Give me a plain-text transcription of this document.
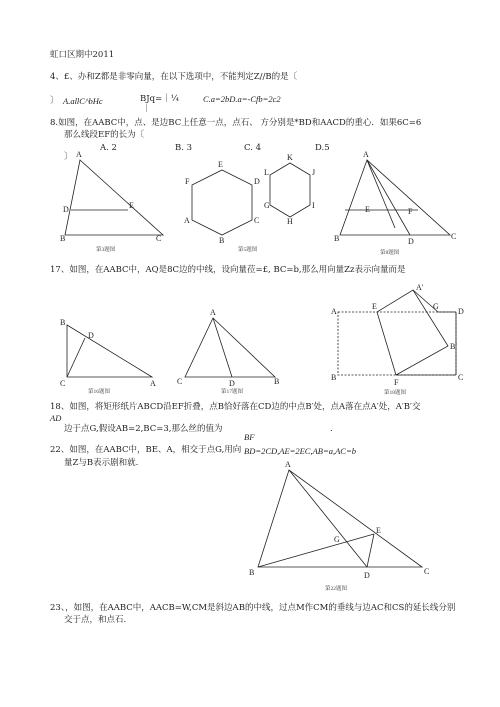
虹口区期中2011
4、£、办和Z都是非零向量，在以下选项中，不能判定Z//B的是〔
〕 A.allC^bHc	BJq=｜¼
｜
C.a=2bD.a=-Cfb=2c2
8.如图，在AABC中，点、是边BC上任意一点，点石、 方分别是*BD和AACD的重心．如果6C=6
那么线段EF的长为〔
A. 2	B. 3	C. 4	D.5
〕
17、如图，在AABC中，AQ是8C边的中线，设向量莅=£, BC=b,那么用向量Zz表示向量而是
18、如图，将矩形纸片ABCD沿EF折叠，点B恰好落在CD边的中点B′处，点A落在点A′处，A′B′交
AD
边于点G,假设AB=2,BC=3,那么丝的值为	.
BF
22、如图，在AABC中，BE、A，相交于点G,用向 BD=2CD,AE=2EC,AB=a,AC=b
量Z与B表示剧和就.
23、，如图，在AABC中，AACB=W,CM是斜边AB的中线，过点M作CM的垂线与边AC和CS的延长线分别
交于点，和点石.
A
B	C
D	E
第3题图
E
F	D
A	C
B
K
L	J
G	I
H
第5题图
A
B	C
D
E	F
第8题图
B
C	A
D
第16题图
A
C	B
D
第17题图
A
E
A′
G
D
B′
B
F
C
第18题图
A
B	C
D
E
G
第22题图
